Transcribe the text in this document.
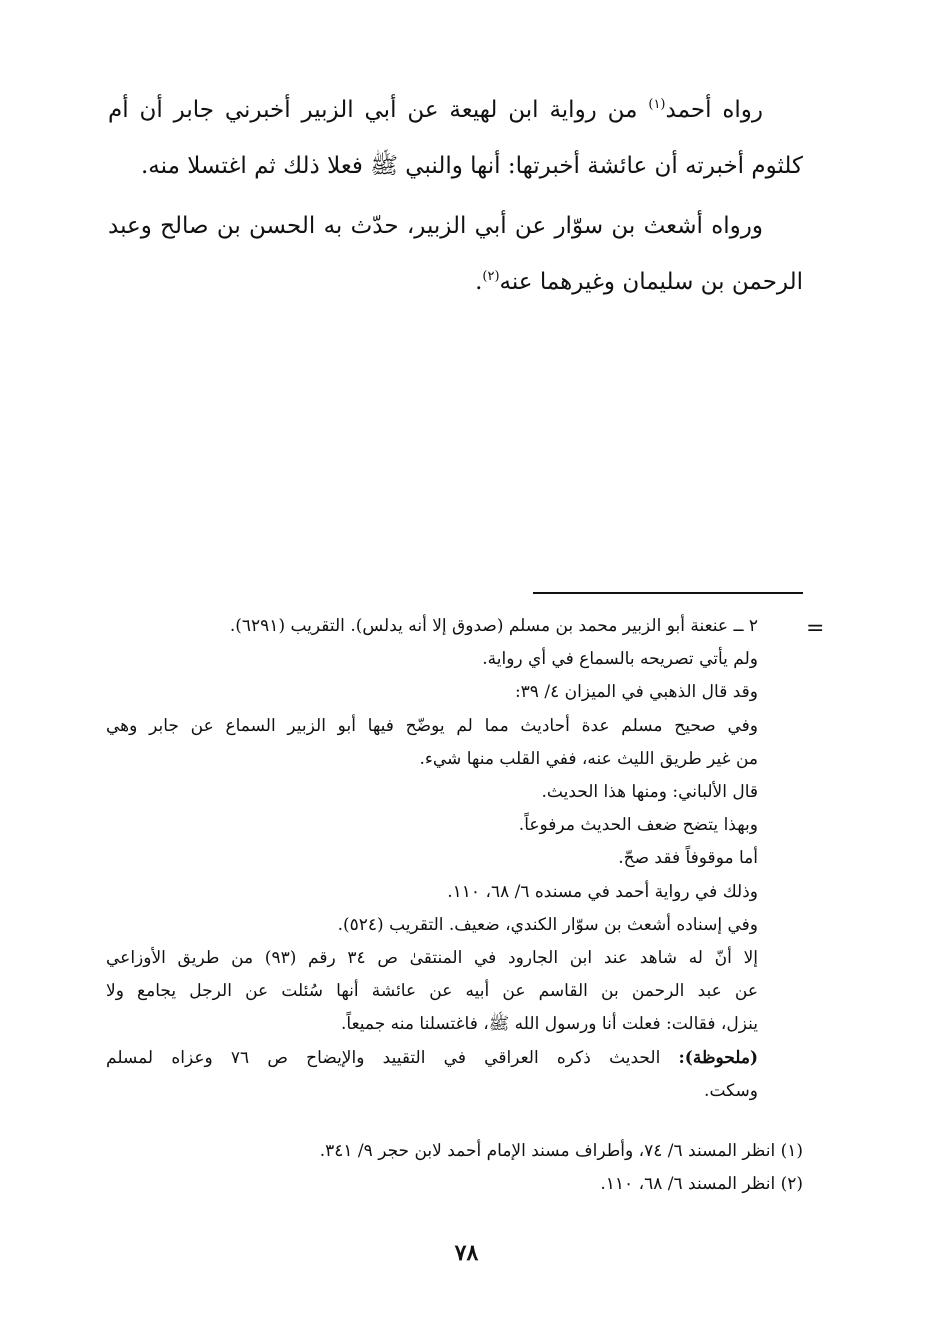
رواه أحمد$^{(١)}$ من رواية ابن لهيعة عن أبي الزبير أخبرني جابر أن أم كلثوم أخبرته أن عائشة أخبرتها: أنها والنبي ﷺ فعلا ذلك ثم اغتسلا منه.

ورواه أشعث بن سوّار عن أبي الزبير، حدّث به الحسن بن صالح وعبد الرحمن بن سليمان وغيرهما عنه$^{(٢)}$.

=
٢ ــ عنعنة أبو الزبير محمد بن مسلم (صدوق إلا أنه يدلس). التقريب (٦٢٩١).
ولم يأتي تصريحه بالسماع في أي رواية.
وقد قال الذهبي في الميزان ٤/ ٣٩:
وفي صحيح مسلم عدة أحاديث مما لم يوضّح فيها أبو الزبير السماع عن جابر وهي
من غير طريق الليث عنه، ففي القلب منها شيء.
قال الألباني: ومنها هذا الحديث.
وبهذا يتضح ضعف الحديث مرفوعاً.
أما موقوفاً فقد صحّ.
وذلك في رواية أحمد في مسنده ٦/ ٦٨، ١١٠.
وفي إسناده أشعث بن سوّار الكندي، ضعيف. التقريب (٥٢٤).
إلا أنّ له شاهد عند ابن الجارود في المنتقىٰ ص ٣٤ رقم (٩٣) من طريق الأوزاعي
عن عبد الرحمن بن القاسم عن أبيه عن عائشة أنها سُئلت عن الرجل يجامع ولا
ينزل، فقالت: فعلت أنا ورسول الله ﷺ، فاغتسلنا منه جميعاً.
(ملحوظة): الحديث ذكره العراقي في التقييد والإيضاح ص ٧٦ وعزاه لمسلم
وسكت.
(١) انظر المسند ٦/ ٧٤، وأطراف مسند الإمام أحمد لابن حجر ٩/ ٣٤١.
(٢) انظر المسند ٦/ ٦٨، ١١٠.
٧٨
